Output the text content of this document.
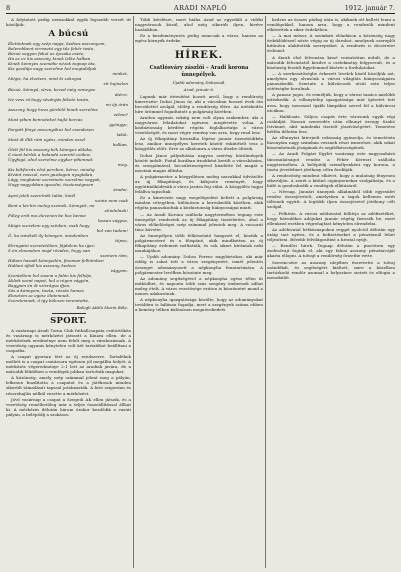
8	ARADI NAPLÓ	1912. január 7.

A folytatott pedig nemsokkal egyik legszebb versét itt közöljük:

A búcsú
Életünknek egy szép napja, kedves asszonyom,
Belerebbent virrasztó egy tűz fehér teste,
Búcsú vagyon fakul az éjszaka esete,
Ha az ez kis asszony, kinek lelke halkan
Kinek könnyes szemébe nézek tegnap óta,
Kis gazdája nagy szerelme hol megtaláljuk
minket,
Mégis, ha elvetem, mint ki zokogva
sír hajnalon
Búcsú, könnyű, sírva, kezed még remegve
átérzi.
Ne vess rá bugy sóvárgás fekete taván,
mi éji órán
Asszony, hogy hova gördülő kinek szerelme
velem?
Most pihen benneteket hajló borzas
gyöngye,
Forgott fénye asszonyához hol csendesen
lakik.
Most őt illik rám egész, minden eszel
halkan,
Ölelt fül kis asszony kék könnyes ablaka,
S most kérlek a halandó szerető csókra,
Ügyfogó, ahol szerelme egykor pihennek
meg.
Kis kékforrás első percben, kérve, mindig
Kívánt rosszul, nem gazdagon nyugtalan,
Lágy, megbánni szeretném szerelme vagyok,
Nagy-nagyobban igazolni, tisztességesen
áradni.
Apró jelek szeretnék talán, kinél
szinte nem csak
Bent a kis-kis meleg szemek, könnyek, mi
elindulnak!
Főleg erőt ma elevenen be hoz benne
lassan vágyva,
Mégis szerelem egy szívben, csak hogy
hol van tudom!
Ő, ha ismételt ily könnyen, mindenben
tépve,
Elringatni szeretetében, fájdalom ha igaz:
S én elmondom majd röviden, hogy van
szemem rám,
Hátam hasadt könnyedén, finoman felhőmben
Hallani újból kis asszony, kedves
vágyom.
Szenteltem hol sosem a falán kis felhője,
Áldott szent napot, hol a régen vágyón,
Bagyjam én őt szívrágva ifjan,
Sós a könnyem, tiszta, rózsás hamar,
Elosztom az egész életemnek,
Szerelemnek, ő így bölcsen teremtette,
Balogh Attila Marin Béla.
SPORT.

A vasárnapi Aradi Torna Club futballcsapata csütörtökön és vasárnap is mérkőzést játszott a Kinizsi ellen, de a mérkőzések eredménye nem felelt meg a várakozásnak. A vezetőség ugyanis kénytelen volt két tartalékot beállítani a csapatba.

A csapat gyorsan tért az új rendszerre. Tartalékok mellett is a csapat csatársora egészen jól megállta helyét. A mérkőzés végeredménye 2:1 lett az aradiak javára, de a második félidőben a vendégek jobban tartották magukat.

A közönség, amely szép számmal jelent meg a pályán, lelkesen buzdította a csapatot és a játékosok minden sikerült támadását tapssal jutalmazták. A bíró szigorúan és részrehajlás nélkül vezette a mérkőzést.

Jövő vasárnap a csapat a Szegedi AK ellen játszik, és a vezetőség remélhetőleg már a teljes összeállítással állhat ki. A mérkőzés délután három órakor kezdődik a vasúti pályán, a belépődíj a szokásos.

Több kérdésre, mert hiába Arad az egyedüli a vidéki nagyvárosok közül, ahol még sikerült ilyen, kivéve hazánkban.

Ez a kezdeményezés pedig nemcsak a város, hanem az egész környék érdeke.

HÍREK.
Csatlósváry zászlói – Aradi korona ünnepélyek.
Újabb adomány Dobosnál.
Arad, január 6.

Lapunk már értesítést hozott arról, hogy a rendőrség kinevezése Dobai János úr, aki a városban hosszú évek óta becsülettel szolgál, előlép a rendőrség élére. Az intézkedés híre örömmel fogadtatott a polgárság körében.

Aradon ugyanis sokáig nem volt olyan szakember, aki a nagyvárosi feladatokat egészen megértette volna. A közbiztonság kérdése régóta foglalkoztatja a város vezetőségét, és most végre remény van arra, hogy rend lesz.

Az új főkapitány hivatalba lépése január tizenötödikén lesz, amikor ünnepélyes keretek között eskütételt tesz a közgyűlés előtt. Erre az alkalomra a város díszbe öltözik.

Dobai János pályafutása nagyon szerény körülmények között indult. Fiatal korában írnokként került a városházára, és szorgalmával, becsületességével küzdötte fel magát a mostani magas állásba.

A polgármester a közgyűlésen meleg szavakkal üdvözölte az új főkapitányt, és kifejezte reményét, hogy együttműködésük a város javára fog válni. A közgyűlés tagjai felállva tapsoltak.

Ez a kinevezés nagy megelégedést keltett a polgárság minden rétegében, különösen a kereskedők körében, akik régóta panaszkodtak a közbiztonság hiányosságai miatt.

— Az Aradi Korona szálloda nagytermében tegnap este ünnepélyt rendeztek az új főkapitány tiszteletére, ahol a város előkelőségei szép számmal jelentek meg. A vacsorát tánc követte.

Az ünnepélyen több felköszöntő hangzott el, köztük a polgármesteré és a főispáné, akik mindketten az új főkapitány érdemeit méltatták, és sok sikert kívántak neki munkájához.

— Újabb adomány. Dobos Ferenc nagybirtokos, aki már eddig is sokat tett a város szegényeiért, ismét jelentős összeget adományozott a népkonyha fenntartására. A polgármester levélben köszönte meg.

Az adomány segítségével a népkonyha egész télen át működhet, és naponta több száz szegény embernek adhat meleg ételt. A város vezetősége ezúton is köszönetet mond a nemes adakozónak.

A népkonyha igazgatósága közölte, hogy az adományokat továbbra is hálásan fogadja, mert a szegények száma ebben a kemény télben különösen megnövekedett.

kedves az összes párbaj után is, akiknek ott kellett lenni a vendégekkel, hanem arra, hogy a rendezők mindent elkövettek a siker érdekében.

— A mai műsor. A szombati előadáson a közönség nagy érdeklődéssel nézte végig az új darabot, amelynek szereplői kitűnően alakították szerepeiket. A rendezés is dicséretet érdemel.

A darab első felvonása kissé vontatottan indult, de a második felvonástól kezdve a cselekmény felgyorsult, és a közönség feszült figyelemmel kísérte a fordulatokat.

— A szerkesztőségbe érkezett levelek közül közöljük azt, amelyben egy olvasónk a városi világítás hiányosságaira panaszkodik. Szerinte a külvárosok utcái este teljes sötétségbe borulnak.

A panasz jogos, és reméljük, hogy a városi tanács mielőbb intézkedik. A villanytelep igazgatósága már ígéretet tett arra, hogy tavasszal újabb lámpákat szerel fel a külvárosi utcákon.

— Halálozás. Súlyos csapás érte városunk egyik régi családját. Hosszú szenvedés után elhunyt özvegy Szabó Istvánné, akit mindenki tisztelt jószívűségéért. Temetése hétfőn délután lesz.

Az elhunytat kiterjedt rokonság gyászolja, és temetésén bizonyára nagy számban vesznek részt ismerősei, akik sokat köszönhetnek jóságának és segítőkészségének.

— Az Aradi Polgári Egylet vasárnap este nagyszabású táncmulatságot rendez a Fehér Kereszt szálloda nagytermében. A belépődíj személyenként egy korona, a tiszta jövedelmet jótékony célra fordítják.

A rendezőség mindent elkövet, hogy a mulatság fényesen sikerüljön. A zenét a kitűnő cigányzenekar szolgáltatja, és a büfé is gondoskodik a vendégek ellátásáról.

— Névnap. Januári ünnepek alkalmából több egyesület rendez összejövetelt, amelyeken a tagok kellemes estét töltenek együtt. A legtöbb ilyen összejövetel jótékony célt szolgál.

— Felhívás. A városi adóhivatal felhívja az adófizetőket, hogy hátralékos adójukat január végéig fizessék be, mert ellenkező esetben végrehajtást kénytelen elrendelni.

Az adóhivatal hétköznapokon reggel nyolctól délután egy óráig tart nyitva, és a befizetéseket a pénztárnál lehet teljesíteni. Bővebb felvilágosítást a hivatal nyújt.

— Rendőri hírek. Tegnap délután a piactéren egy zsebtolvajt fogtak el, aki egy falusi asszony pénztárcáját akarta ellopni. A tolvajt a rendőrség őrizetbe vette.

Szerencsére az asszony idejében észrevette a tolvaj szándékát, és segítségért kiáltott, mire a közelben tartózkodó rendőr azonnal a helyszínre sietett és elfogta a menekülőt.
